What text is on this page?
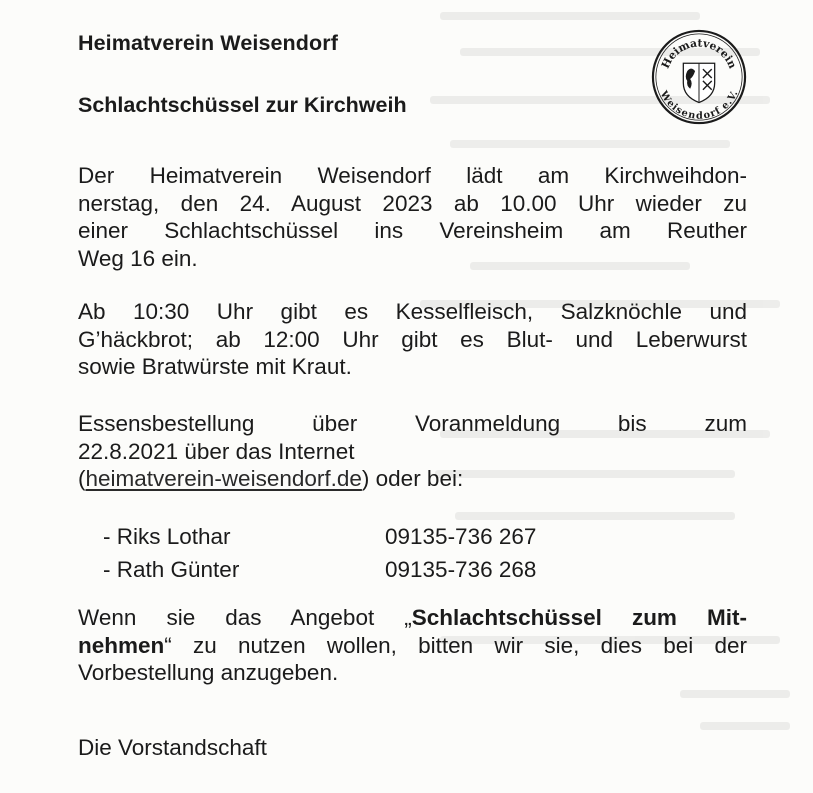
Heimatverein Weisendorf
Schlachtschüssel zur Kirchweih
Heimatverein
Weisendorf e.V.

Der Heimatverein Weisendorf lädt am Kirchweihdon-
nerstag, den 24. August 2023 ab 10.00 Uhr wieder zu
einer Schlachtschüssel ins Vereinsheim am Reuther
Weg 16 ein.

Ab 10:30 Uhr gibt es Kesselfleisch, Salzknöchle und
G’häckbrot; ab 12:00 Uhr gibt es Blut- und Leberwurst
sowie Bratwürste mit Kraut.

Essensbestellung über Voranmeldung bis zum
22.8.2021 über das Internet
(heimatverein-weisendorf.de) oder bei:

- Riks Lothar	09135-736 267
- Rath Günter	09135-736 268

Wenn sie das Angebot „Schlachtschüssel zum Mit-
nehmen“ zu nutzen wollen, bitten wir sie, dies bei der
Vorbestellung anzugeben.

Die Vorstandschaft
